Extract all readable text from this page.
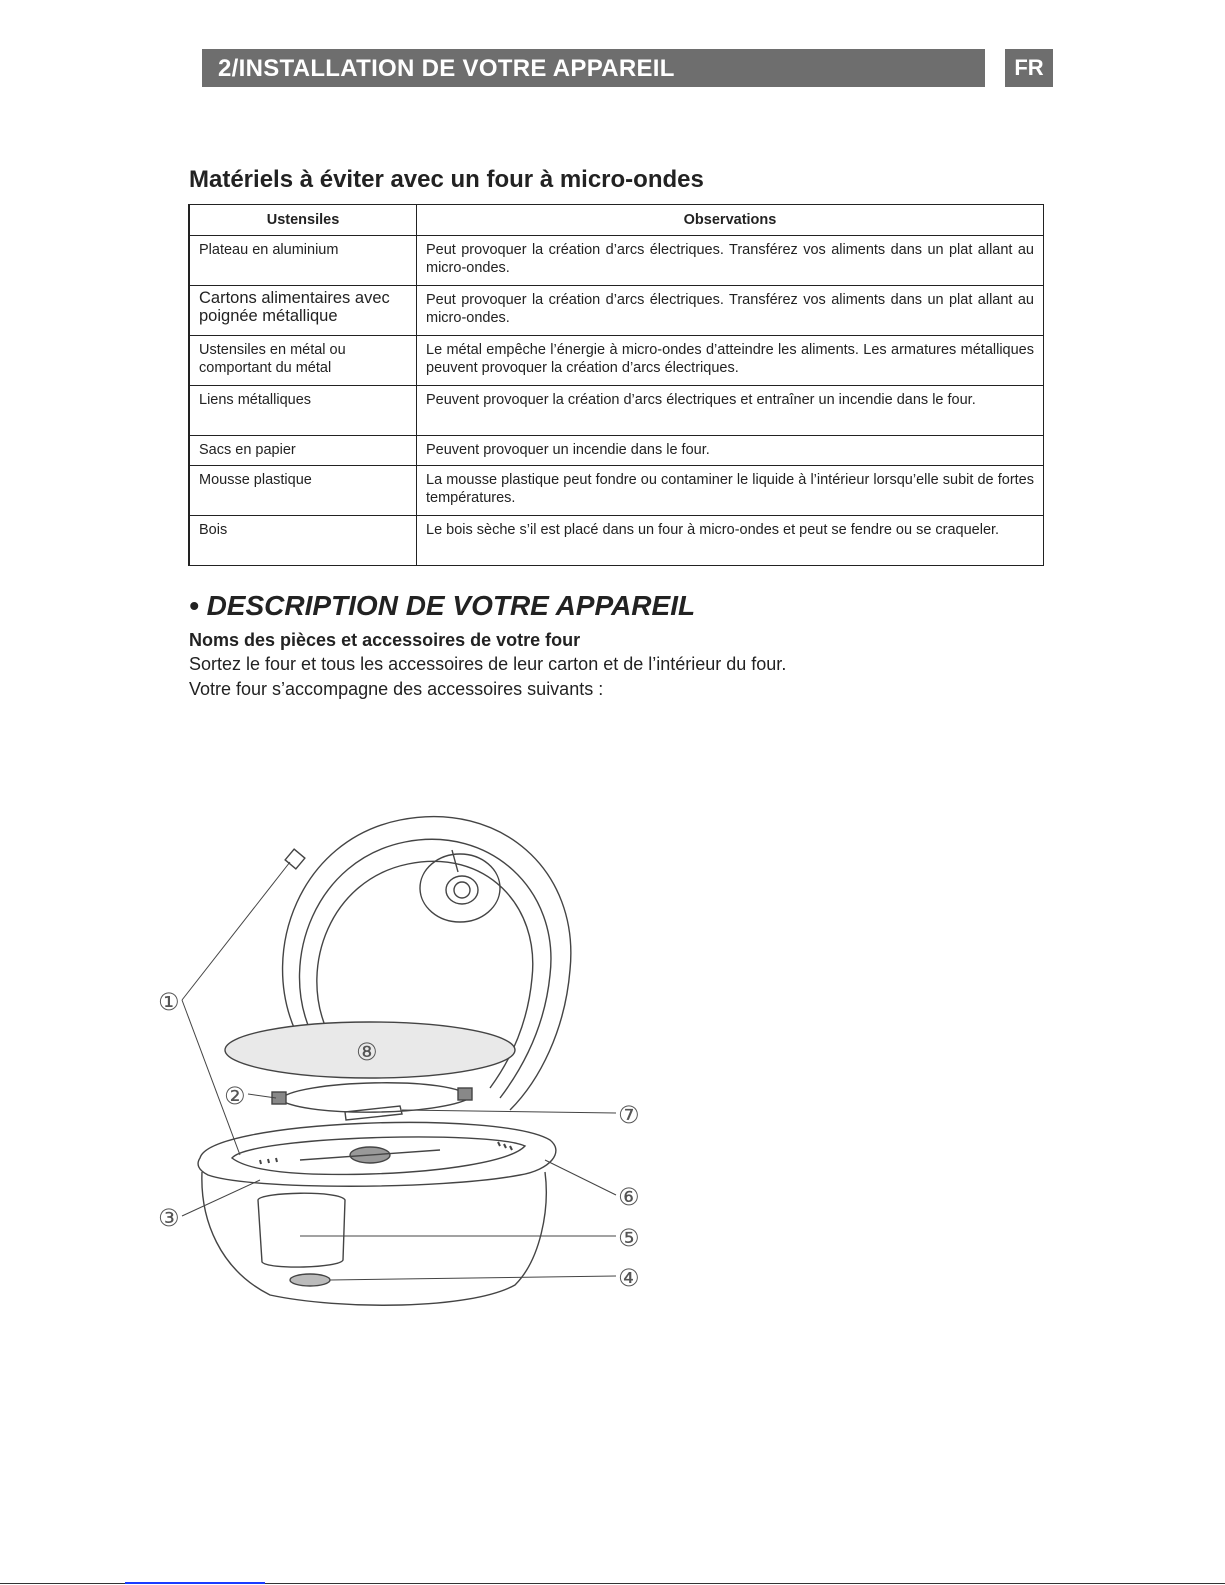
2/INSTALLATION DE VOTRE APPAREIL	FR
Matériels à éviter avec un four à micro-ondes
Ustensiles	Observations
Plateau en aluminium	Peut provoquer la création d’arcs électriques. Transférez vos aliments dans un plat allant au micro-ondes.
Cartons alimentaires avec poignée métallique	Peut provoquer la création d’arcs électriques. Transférez vos aliments dans un plat allant au micro-ondes.
Ustensiles en métal ou comportant du métal	Le métal empêche l’énergie à micro-ondes d’atteindre les aliments. Les armatures métalliques peuvent provoquer la création d’arcs électriques.
Liens métalliques	Peuvent provoquer la création d’arcs électriques et entraîner un incendie dans le four.
Sacs en papier	Peuvent provoquer un incendie dans le four.
Mousse plastique	La mousse plastique peut fondre ou contaminer le liquide à l’intérieur lorsqu’elle subit de fortes températures.
Bois	Le bois sèche s’il est placé dans un four à micro-ondes et peut se fendre ou se craqueler.
• DESCRIPTION DE VOTRE APPAREIL
Noms des pièces et accessoires de votre four
Sortez le four et tous les accessoires de leur carton et de l’intérieur du four.
Votre four s’accompagne des accessoires suivants :
①
②
③
④
⑤
⑥
⑦
⑧
